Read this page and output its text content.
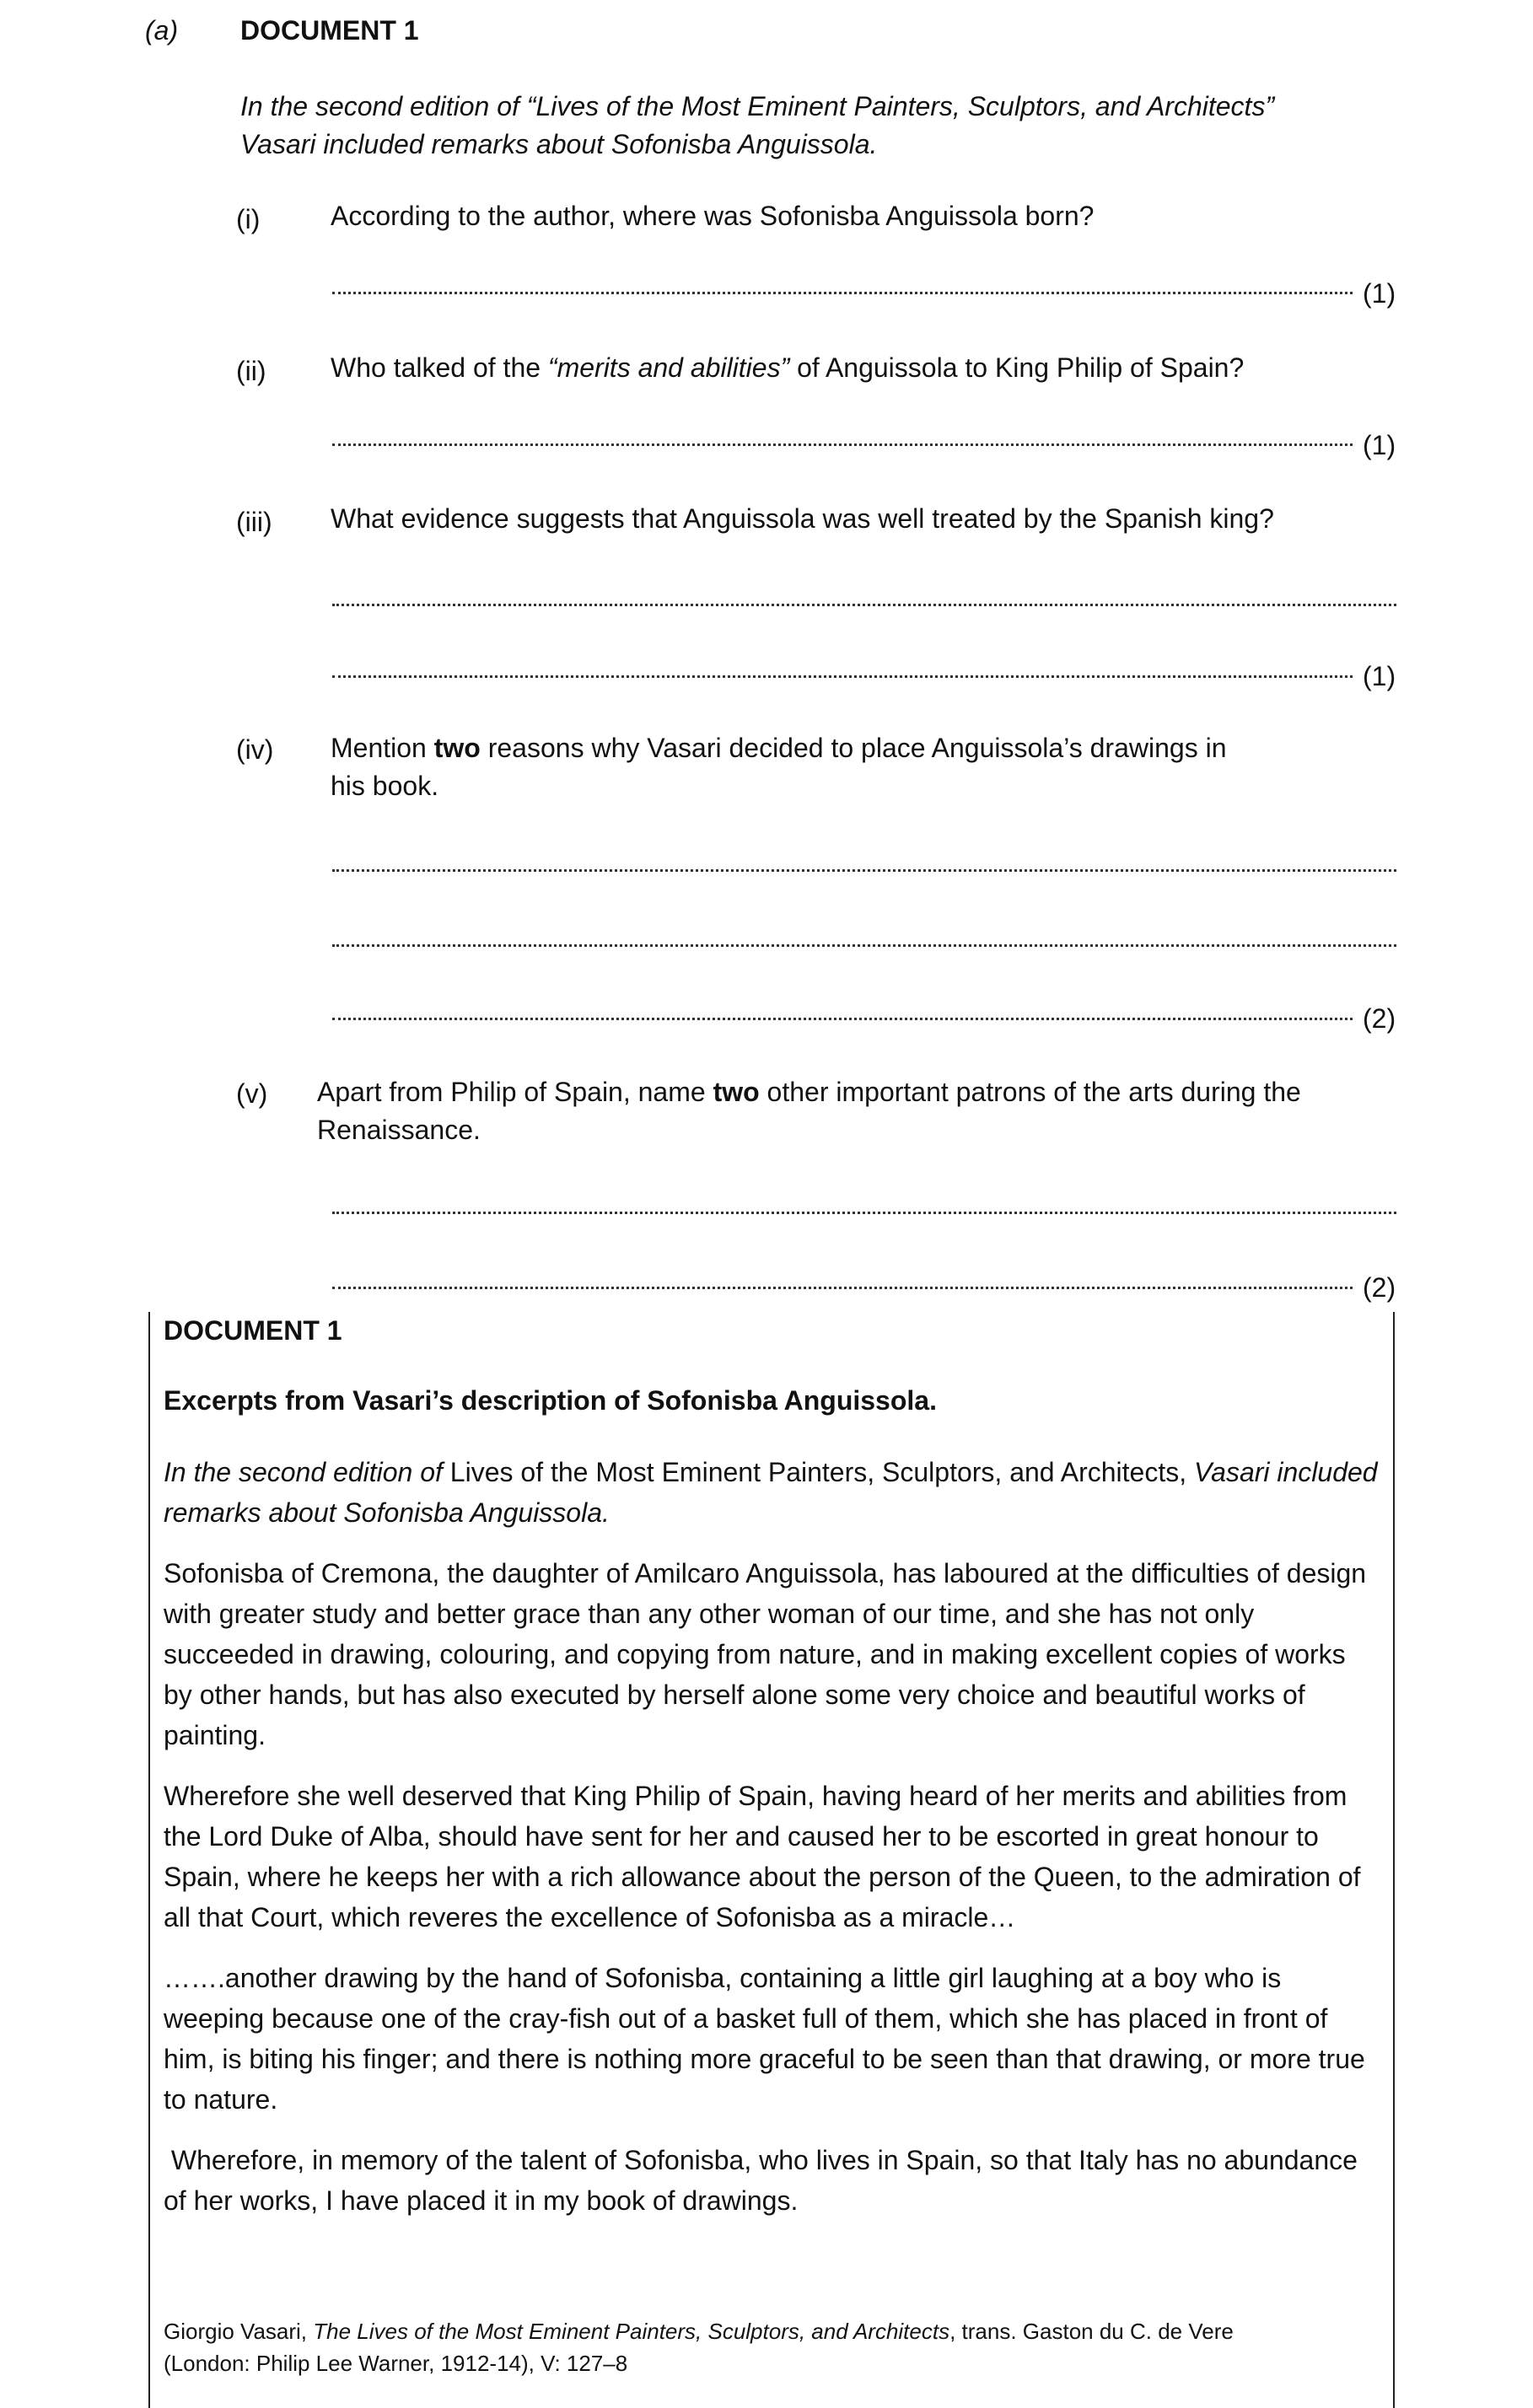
(a) DOCUMENT 1
In the second edition of “Lives of the Most Eminent Painters, Sculptors, and Architects”
Vasari included remarks about Sofonisba Anguissola.
(i)	According to the author, where was Sofonisba Anguissola born?
(1)
(ii) Who talked of the “merits and abilities” of Anguissola to King Philip of Spain?
(1)
(iii) What evidence suggests that Anguissola was well treated by the Spanish king?
(1)
(iv) Mention two reasons why Vasari decided to place Anguissola’s drawings in
his book.
(2)
(v) Apart from Philip of Spain, name two other important patrons of the arts during the
Renaissance.
(2)
DOCUMENT 1
Excerpts from Vasari’s description of Sofonisba Anguissola.
In the second edition of Lives of the Most Eminent Painters, Sculptors, and Architects, Vasari included remarks about Sofonisba Anguissola.
Sofonisba of Cremona, the daughter of Amilcaro Anguissola, has laboured at the difficulties of design with greater study and better grace than any other woman of our time, and she has not only succeeded in drawing, colouring, and copying from nature, and in making excellent copies of works by other hands, but has also executed by herself alone some very choice and beautiful works of painting.
Wherefore she well deserved that King Philip of Spain, having heard of her merits and abilities from the Lord Duke of Alba, should have sent for her and caused her to be escorted in great honour to Spain, where he keeps her with a rich allowance about the person of the Queen, to the admiration of all that Court, which reveres the excellence of Sofonisba as a miracle…
…….another drawing by the hand of Sofonisba, containing a little girl laughing at a boy who is weeping because one of the cray-fish out of a basket full of them, which she has placed in front of him, is biting his finger; and there is nothing more graceful to be seen than that drawing, or more true to nature.
Wherefore, in memory of the talent of Sofonisba, who lives in Spain, so that Italy has no abundance of her works, I have placed it in my book of drawings.
Giorgio Vasari, The Lives of the Most Eminent Painters, Sculptors, and Architects, trans. Gaston du C. de Vere
(London: Philip Lee Warner, 1912-14), V: 127–8
